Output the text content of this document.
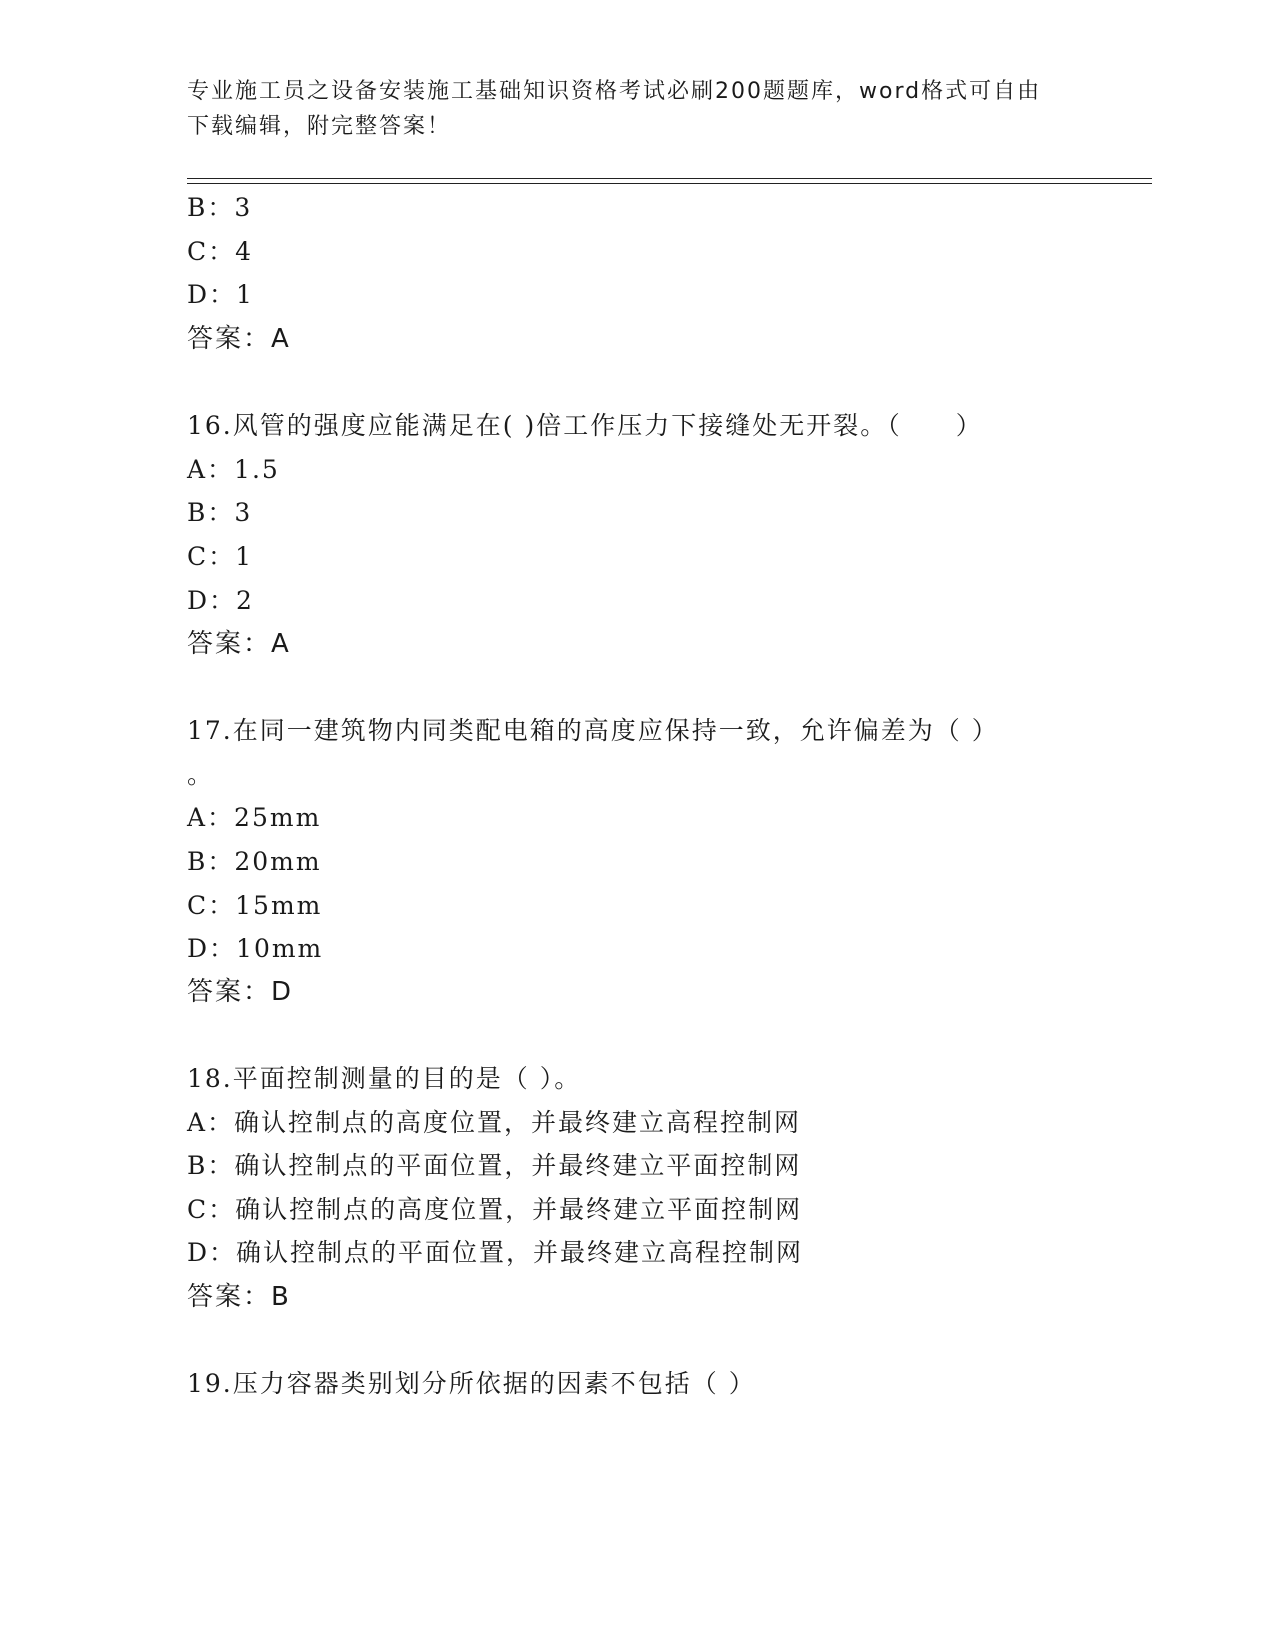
专业施工员之设备安装施工基础知识资格考试必刷200题题库，word格式可自由
下载编辑，附完整答案！
B：3
C：4
D：1
答案：A
16.风管的强度应能满足在( )倍工作压力下接缝处无开裂。（　　）
A：1.5
B：3
C：1
D：2
答案：A
17.在同一建筑物内同类配电箱的高度应保持一致，允许偏差为（ ）
。
A：25mm
B：20mm
C：15mm
D：10mm
答案：D
18.平面控制测量的目的是（ ）。
A：确认控制点的高度位置，并最终建立高程控制网
B：确认控制点的平面位置，并最终建立平面控制网
C：确认控制点的高度位置，并最终建立平面控制网
D：确认控制点的平面位置，并最终建立高程控制网
答案：B
19.压力容器类别划分所依据的因素不包括（ ）
